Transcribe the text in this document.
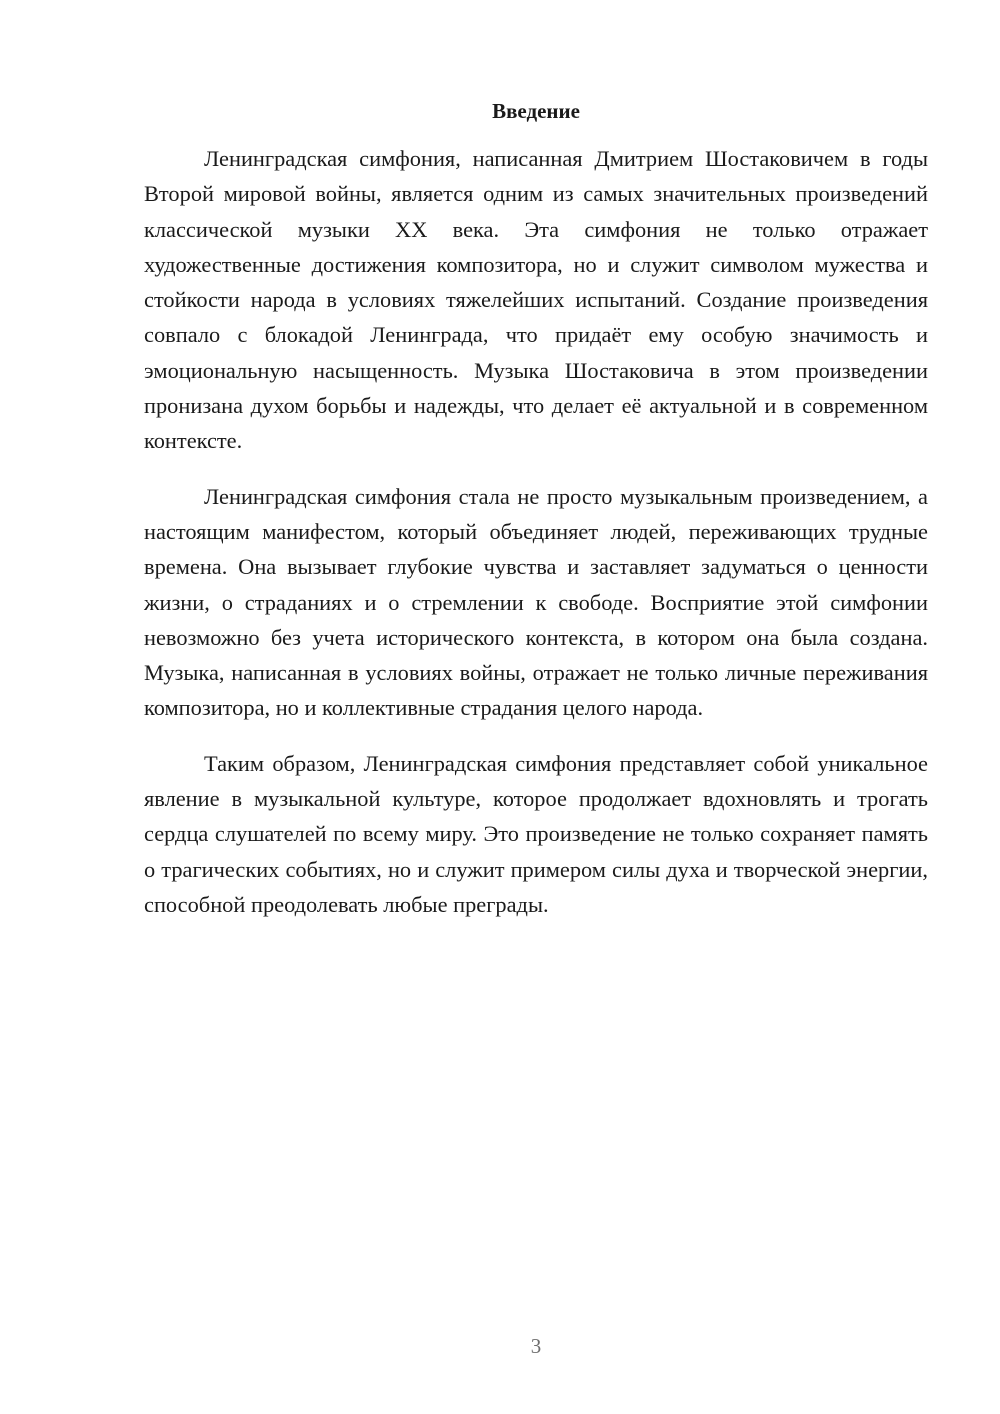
Введение

Ленинградская симфония, написанная Дмитрием Шостаковичем в годы Второй мировой войны, является одним из самых значительных произведений классической музыки XX века. Эта симфония не только отражает художественные достижения композитора, но и служит символом мужества и стойкости народа в условиях тяжелейших испытаний. Создание произведения совпало с блокадой Ленинграда, что придаёт ему особую значимость и эмоциональную насыщенность. Музыка Шостаковича в этом произведении пронизана духом борьбы и надежды, что делает её актуальной и в современном контексте.

Ленинградская симфония стала не просто музыкальным произведением, а настоящим манифестом, который объединяет людей, переживающих трудные времена. Она вызывает глубокие чувства и заставляет задуматься о ценности жизни, о страданиях и о стремлении к свободе. Восприятие этой симфонии невозможно без учета исторического контекста, в котором она была создана. Музыка, написанная в условиях войны, отражает не только личные переживания композитора, но и коллективные страдания целого народа.

Таким образом, Ленинградская симфония представляет собой уникальное явление в музыкальной культуре, которое продолжает вдохновлять и трогать сердца слушателей по всему миру. Это произведение не только сохраняет память о трагических событиях, но и служит примером силы духа и творческой энергии, способной преодолевать любые преграды.

3
